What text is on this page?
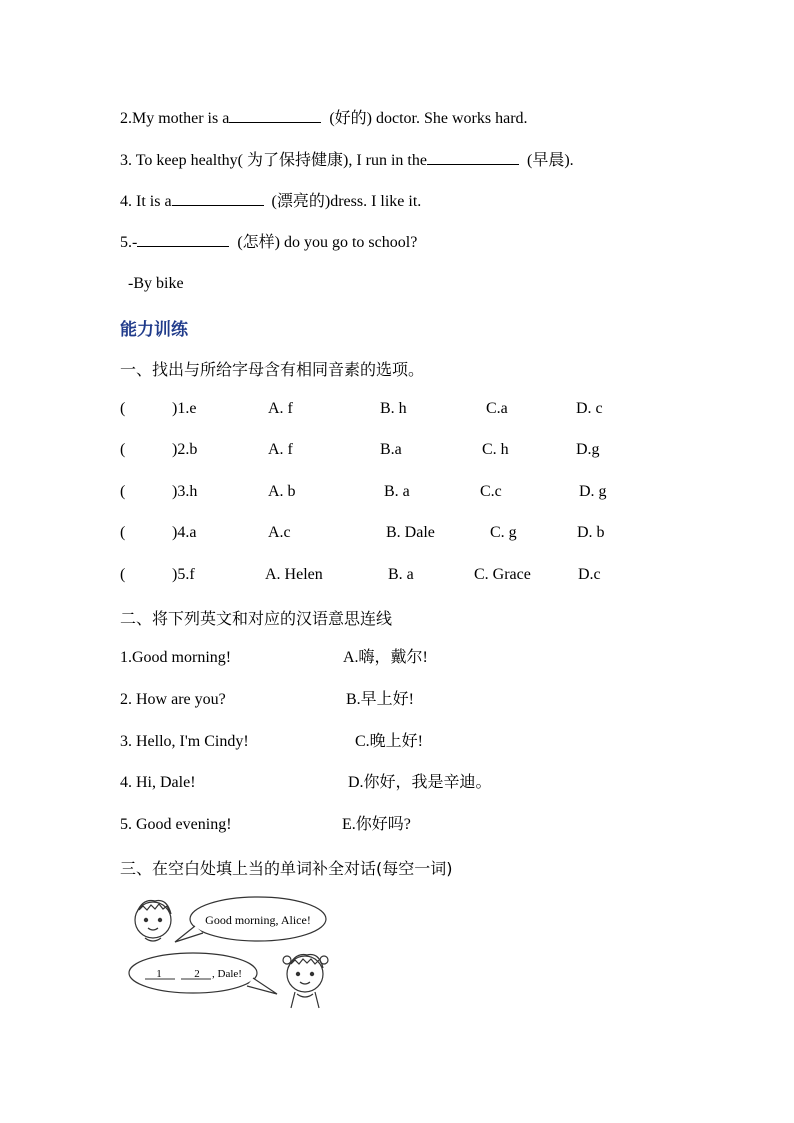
2.My mother is a	(好的) doctor. She works hard.
3. To keep healthy( 为了保持健康), I run in the	(早晨).
4. It is a	(漂亮的)dress. I like it.
5.-	(怎样) do you go to school?
-By bike
能力训练
一、找出与所给字母含有相同音素的选项。
(	)1.e	A. f	B. h	C.a	D. c
(	)2.b	A. f	B.a	C. h	D.g
(	)3.h	A. b	B. a	C.c	D. g
(	)4.a	A.c	B. Dale	C. g	D. b
(	)5.f	A. Helen	B. a	C. Grace	D.c
二、将下列英文和对应的汉语意思连线
1.Good morning!	A.嗨，戴尔!
2. How are you?	B.早上好!
3. Hello, I'm Cindy!	C.晚上好!
4. Hi, Dale!	D.你好，我是辛迪。
5. Good evening!	E.你好吗?
三、在空白处填上当的单词补全对话(每空一词)
Good morning, Alice!
1	2 , Dale!
